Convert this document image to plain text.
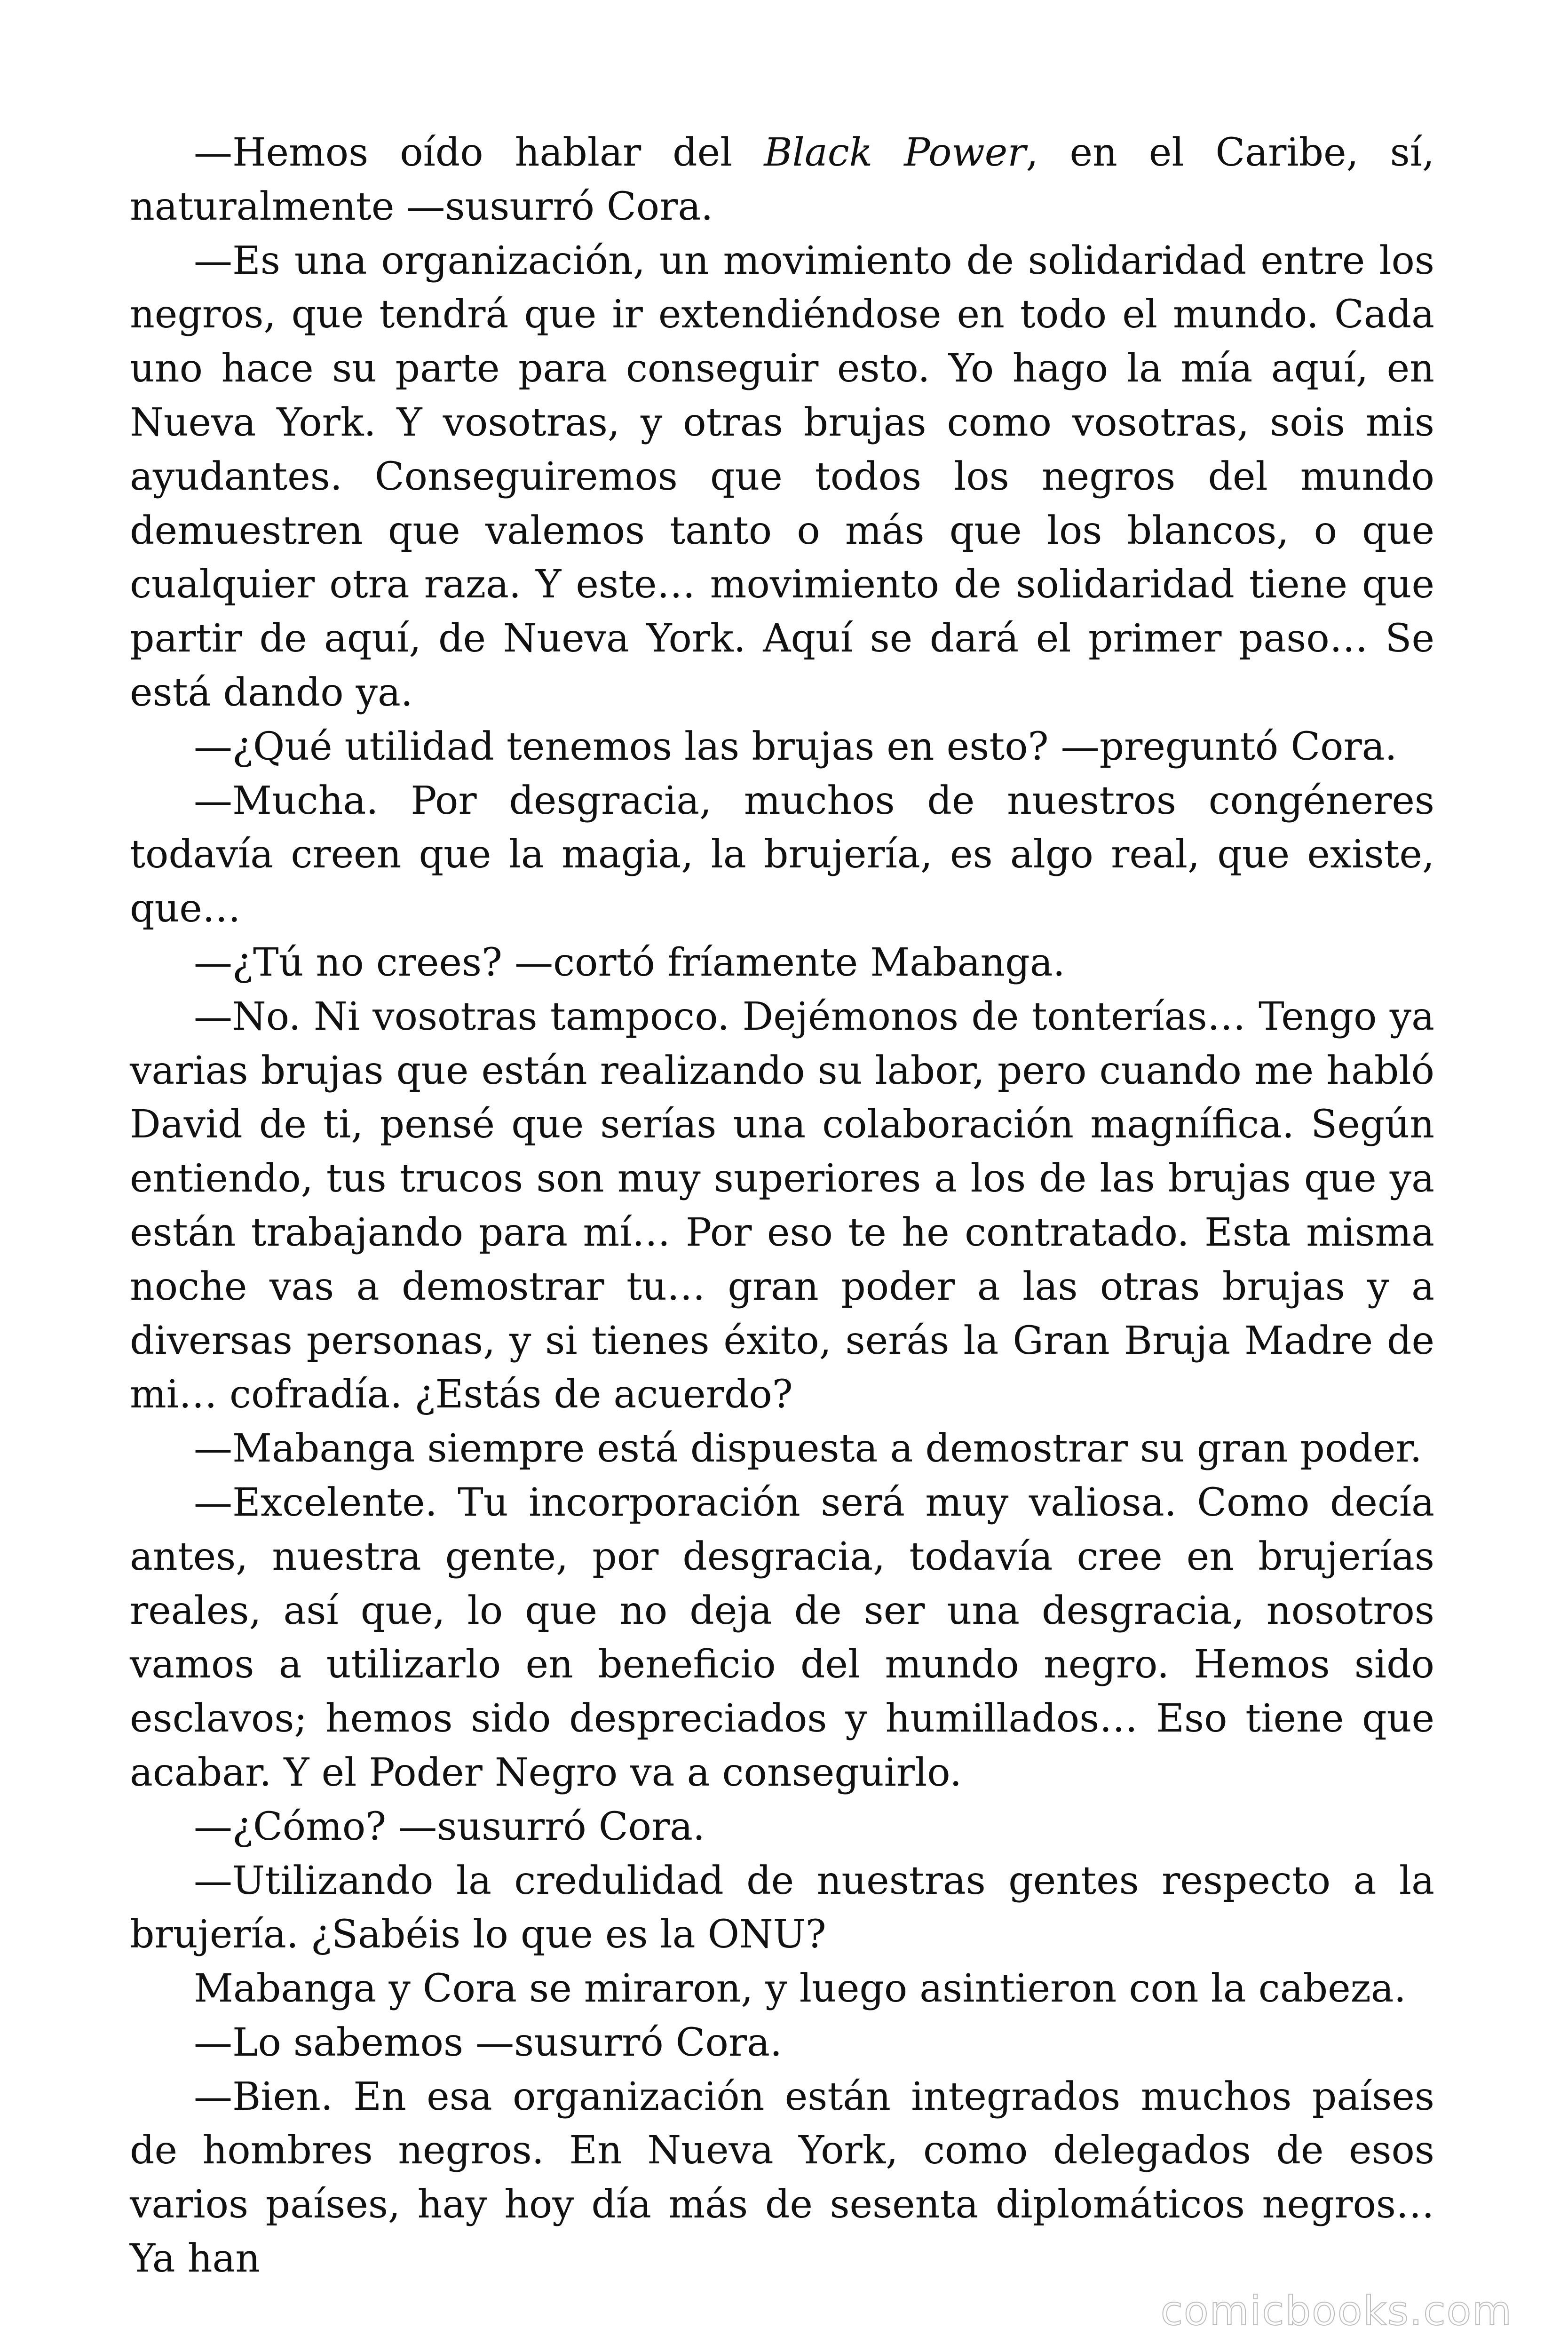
—Hemos oído hablar del Black Power, en el Caribe, sí, naturalmente —susurró Cora.

—Es una organización, un movimiento de solidaridad entre los negros, que tendrá que ir extendiéndose en todo el mundo. Cada uno hace su parte para conseguir esto. Yo hago la mía aquí, en Nueva York. Y vosotras, y otras brujas como vosotras, sois mis ayudantes. Conseguiremos que todos los negros del mundo demuestren que valemos tanto o más que los blancos, o que cualquier otra raza. Y este… movimiento de solidaridad tiene que partir de aquí, de Nueva York. Aquí se dará el primer paso… Se está dando ya.

—¿Qué utilidad tenemos las brujas en esto? —preguntó Cora.

—Mucha. Por desgracia, muchos de nuestros congéneres todavía creen que la magia, la brujería, es algo real, que existe, que…

—¿Tú no crees? —cortó fríamente Mabanga.

—No. Ni vosotras tampoco. Dejémonos de tonterías… Tengo ya varias brujas que están realizando su labor, pero cuando me habló David de ti, pensé que serías una colaboración magnífica. Según entiendo, tus trucos son muy superiores a los de las brujas que ya están trabajando para mí… Por eso te he contratado. Esta misma noche vas a demostrar tu… gran poder a las otras brujas y a diversas personas, y si tienes éxito, serás la Gran Bruja Madre de mi… cofradía. ¿Estás de acuerdo?

—Mabanga siempre está dispuesta a demostrar su gran poder.

—Excelente. Tu incorporación será muy valiosa. Como decía antes, nuestra gente, por desgracia, todavía cree en brujerías reales, así que, lo que no deja de ser una desgracia, nosotros vamos a utilizarlo en beneficio del mundo negro. Hemos sido esclavos; hemos sido despreciados y humillados… Eso tiene que acabar. Y el Poder Negro va a conseguirlo.

—¿Cómo? —susurró Cora.

—Utilizando la credulidad de nuestras gentes respecto a la brujería. ¿Sabéis lo que es la ONU?

Mabanga y Cora se miraron, y luego asintieron con la cabeza.

—Lo sabemos —susurró Cora.

—Bien. En esa organización están integrados muchos países de hombres negros. En Nueva York, como delegados de esos varios países, hay hoy día más de sesenta diplomáticos negros… Ya han

comicbooks.com
